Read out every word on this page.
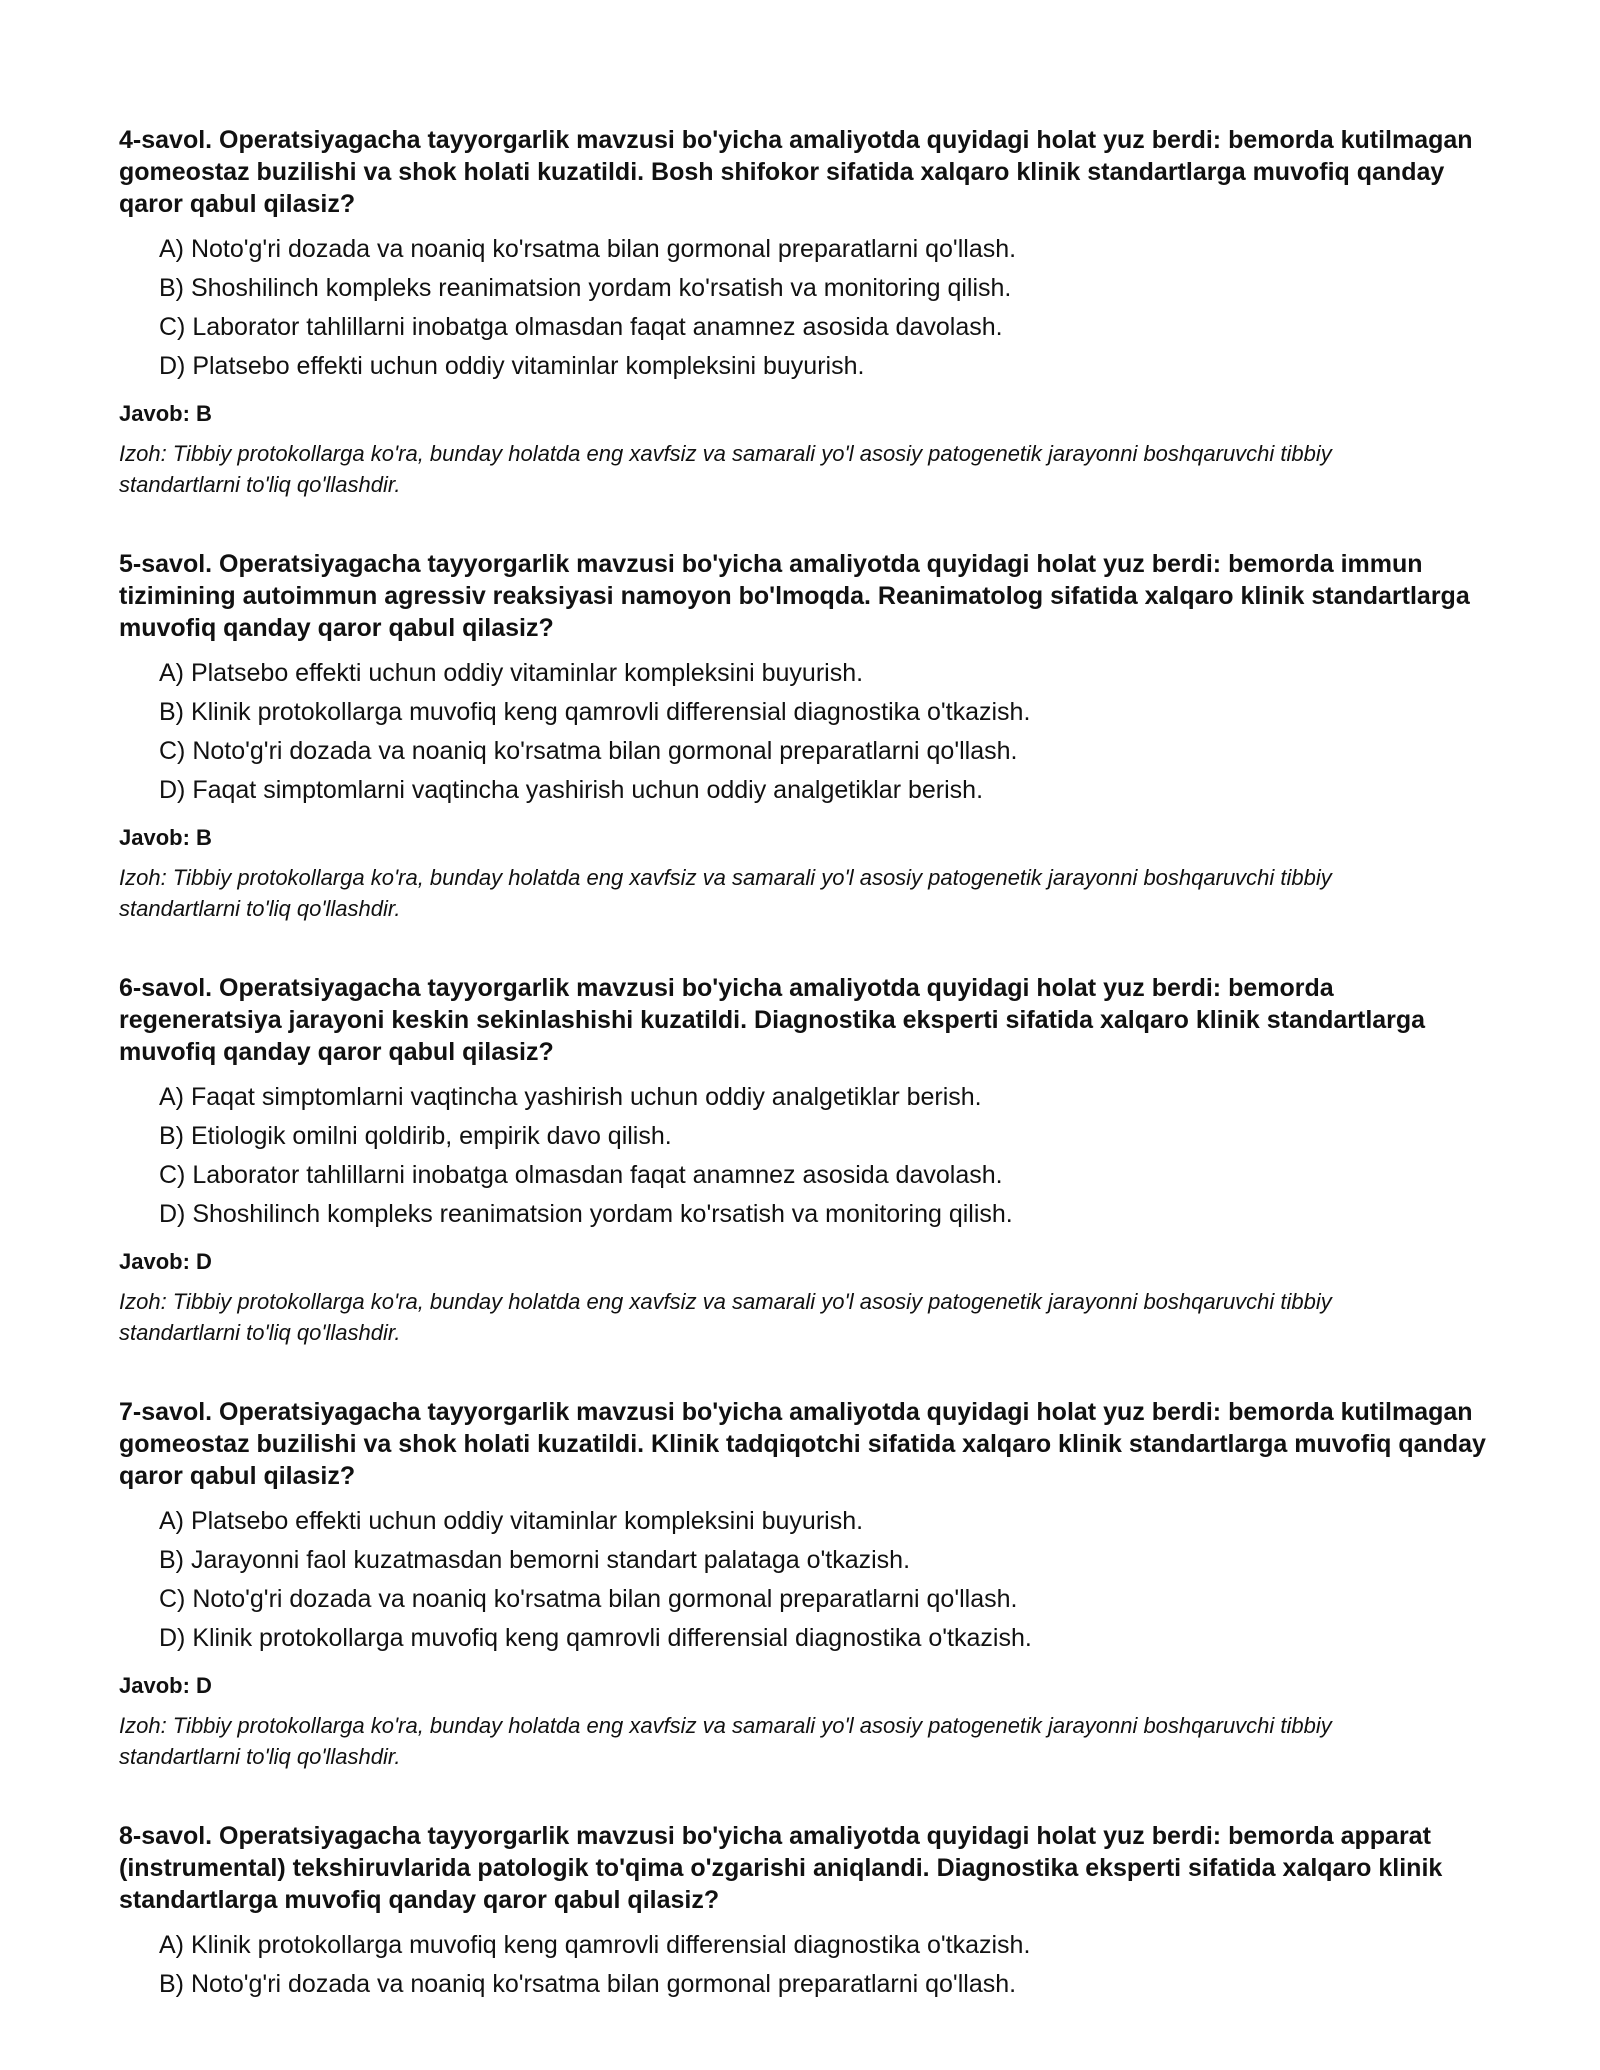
4-savol. Operatsiyagacha tayyorgarlik mavzusi bo'yicha amaliyotda quyidagi holat yuz berdi: bemorda kutilmagan gomeostaz buzilishi va shok holati kuzatildi. Bosh shifokor sifatida xalqaro klinik standartlarga muvofiq qanday qaror qabul qilasiz?

A) Noto'g'ri dozada va noaniq ko'rsatma bilan gormonal preparatlarni qo'llash.
B) Shoshilinch kompleks reanimatsion yordam ko'rsatish va monitoring qilish.
C) Laborator tahlillarni inobatga olmasdan faqat anamnez asosida davolash.
D) Platsebo effekti uchun oddiy vitaminlar kompleksini buyurish.

Javob: B

Izoh: Tibbiy protokollarga ko'ra, bunday holatda eng xavfsiz va samarali yo'l asosiy patogenetik jarayonni boshqaruvchi tibbiy standartlarni to'liq qo'llashdir.

5-savol. Operatsiyagacha tayyorgarlik mavzusi bo'yicha amaliyotda quyidagi holat yuz berdi: bemorda immun tizimining autoimmun agressiv reaksiyasi namoyon bo'lmoqda. Reanimatolog sifatida xalqaro klinik standartlarga muvofiq qanday qaror qabul qilasiz?

A) Platsebo effekti uchun oddiy vitaminlar kompleksini buyurish.
B) Klinik protokollarga muvofiq keng qamrovli differensial diagnostika o'tkazish.
C) Noto'g'ri dozada va noaniq ko'rsatma bilan gormonal preparatlarni qo'llash.
D) Faqat simptomlarni vaqtincha yashirish uchun oddiy analgetiklar berish.

Javob: B

Izoh: Tibbiy protokollarga ko'ra, bunday holatda eng xavfsiz va samarali yo'l asosiy patogenetik jarayonni boshqaruvchi tibbiy standartlarni to'liq qo'llashdir.

6-savol. Operatsiyagacha tayyorgarlik mavzusi bo'yicha amaliyotda quyidagi holat yuz berdi: bemorda regeneratsiya jarayoni keskin sekinlashishi kuzatildi. Diagnostika eksperti sifatida xalqaro klinik standartlarga muvofiq qanday qaror qabul qilasiz?

A) Faqat simptomlarni vaqtincha yashirish uchun oddiy analgetiklar berish.
B) Etiologik omilni qoldirib, empirik davo qilish.
C) Laborator tahlillarni inobatga olmasdan faqat anamnez asosida davolash.
D) Shoshilinch kompleks reanimatsion yordam ko'rsatish va monitoring qilish.

Javob: D

Izoh: Tibbiy protokollarga ko'ra, bunday holatda eng xavfsiz va samarali yo'l asosiy patogenetik jarayonni boshqaruvchi tibbiy standartlarni to'liq qo'llashdir.

7-savol. Operatsiyagacha tayyorgarlik mavzusi bo'yicha amaliyotda quyidagi holat yuz berdi: bemorda kutilmagan gomeostaz buzilishi va shok holati kuzatildi. Klinik tadqiqotchi sifatida xalqaro klinik standartlarga muvofiq qanday qaror qabul qilasiz?

A) Platsebo effekti uchun oddiy vitaminlar kompleksini buyurish.
B) Jarayonni faol kuzatmasdan bemorni standart palataga o'tkazish.
C) Noto'g'ri dozada va noaniq ko'rsatma bilan gormonal preparatlarni qo'llash.
D) Klinik protokollarga muvofiq keng qamrovli differensial diagnostika o'tkazish.

Javob: D

Izoh: Tibbiy protokollarga ko'ra, bunday holatda eng xavfsiz va samarali yo'l asosiy patogenetik jarayonni boshqaruvchi tibbiy standartlarni to'liq qo'llashdir.

8-savol. Operatsiyagacha tayyorgarlik mavzusi bo'yicha amaliyotda quyidagi holat yuz berdi: bemorda apparat (instrumental) tekshiruvlarida patologik to'qima o'zgarishi aniqlandi. Diagnostika eksperti sifatida xalqaro klinik standartlarga muvofiq qanday qaror qabul qilasiz?

A) Klinik protokollarga muvofiq keng qamrovli differensial diagnostika o'tkazish.
B) Noto'g'ri dozada va noaniq ko'rsatma bilan gormonal preparatlarni qo'llash.
